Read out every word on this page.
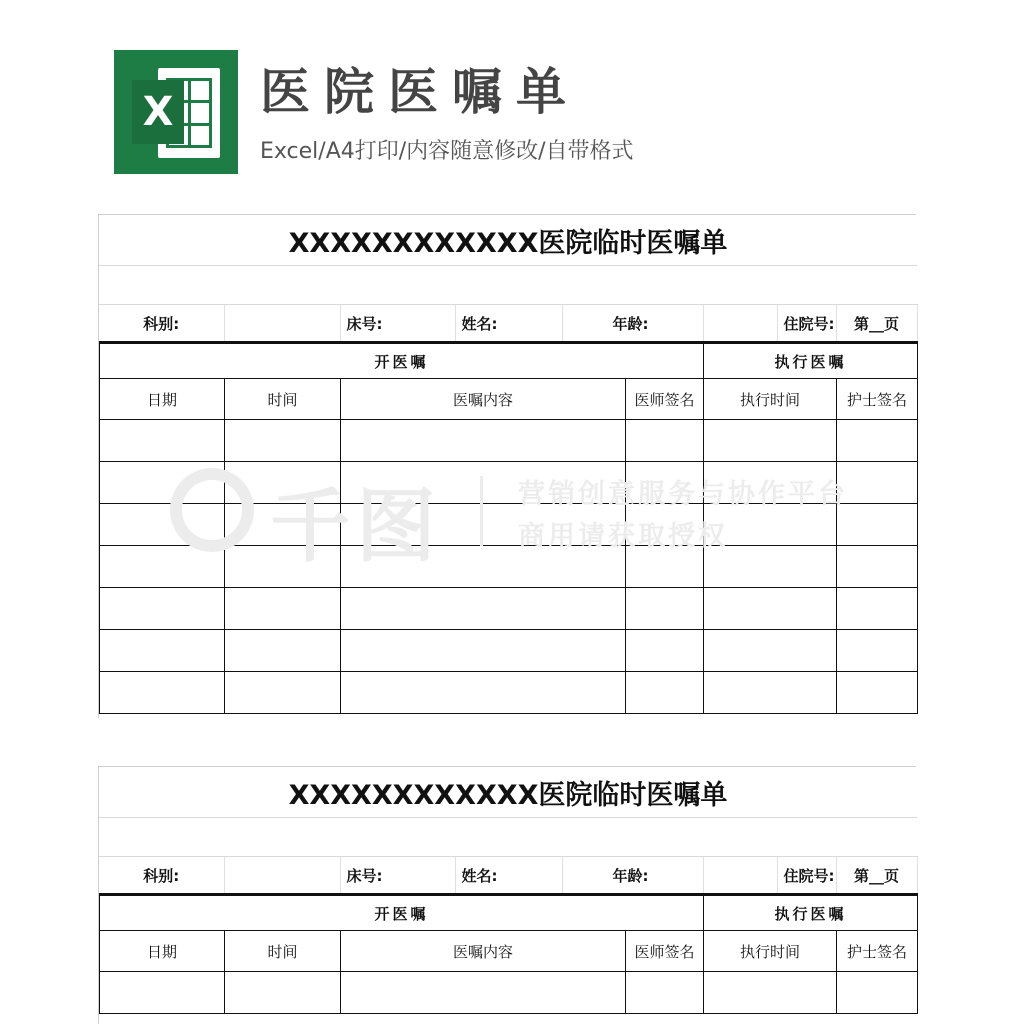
X 医院医嘱单
Excel/A4打印/内容随意修改/自带格式
XXXXXXXXXXXX医院临时医嘱单

科别:		床号:	姓名:	年龄:		住院号:	第__页
开医嘱				执行医嘱	
日期	时间	医嘱内容	医师签名	执行时间	护士签名

XXXXXXXXXXXX医院临时医嘱单

科别:		床号:	姓名:	年龄:		住院号:	第__页
开医嘱				执行医嘱	
日期	时间	医嘱内容	医师签名	执行时间	护士签名

千图	营销创意服务与协作平台
商用请获取授权
